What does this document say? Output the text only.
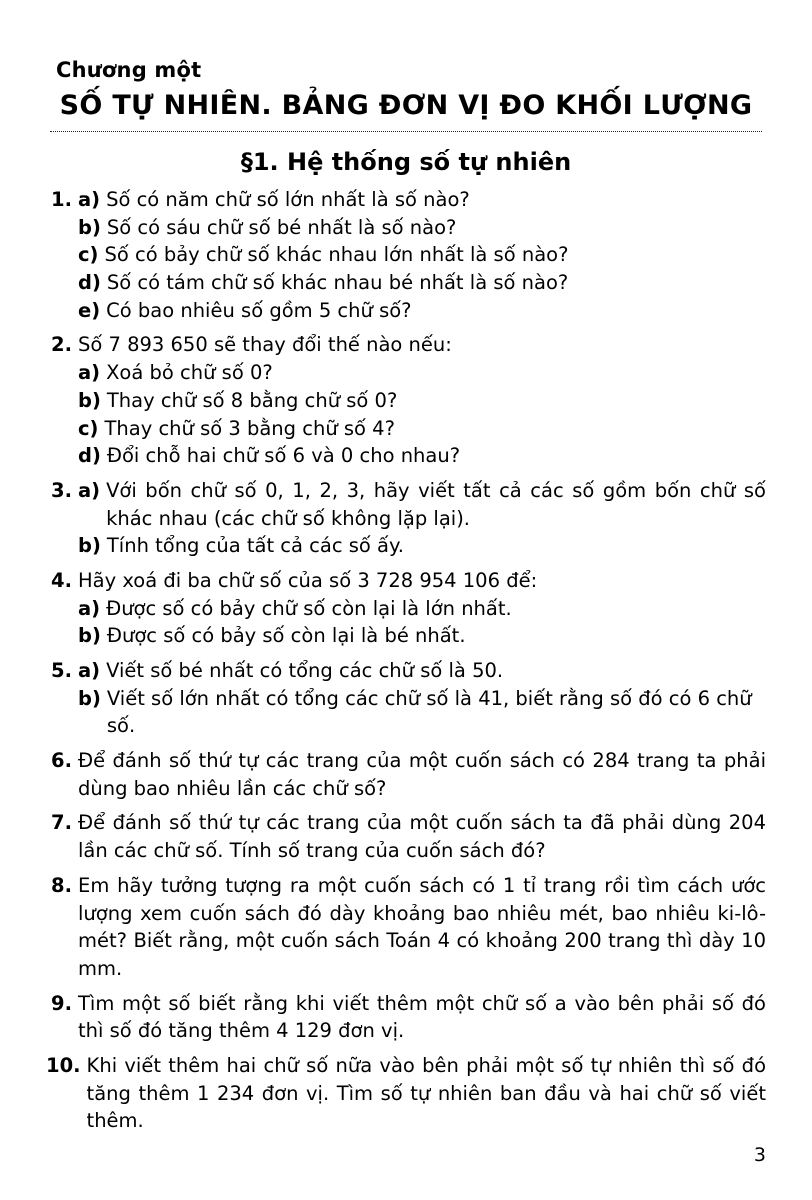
Chương một
SỐ TỰ NHIÊN. BẢNG ĐƠN VỊ ĐO KHỐI LƯỢNG
§1. Hệ thống số tự nhiên
1. a) Số có năm chữ số lớn nhất là số nào?
b) Số có sáu chữ số bé nhất là số nào?
c) Số có bảy chữ số khác nhau lớn nhất là số nào?
d) Số có tám chữ số khác nhau bé nhất là số nào?
e) Có bao nhiêu số gồm 5 chữ số?
2. Số 7 893 650 sẽ thay đổi thế nào nếu:
a) Xoá bỏ chữ số 0?
b) Thay chữ số 8 bằng chữ số 0?
c) Thay chữ số 3 bằng chữ số 4?
d) Đổi chỗ hai chữ số 6 và 0 cho nhau?
3. a) Với bốn chữ số 0, 1, 2, 3, hãy viết tất cả các số gồm bốn chữ số khác nhau (các chữ số không lặp lại).
b) Tính tổng của tất cả các số ấy.
4. Hãy xoá đi ba chữ số của số 3 728 954 106 để:
a) Được số có bảy chữ số còn lại là lớn nhất.
b) Được số có bảy số còn lại là bé nhất.
5. a) Viết số bé nhất có tổng các chữ số là 50.
b) Viết số lớn nhất có tổng các chữ số là 41, biết rằng số đó có 6 chữ số.
6. Để đánh số thứ tự các trang của một cuốn sách có 284 trang ta phải dùng bao nhiêu lần các chữ số?
7. Để đánh số thứ tự các trang của một cuốn sách ta đã phải dùng 204 lần các chữ số. Tính số trang của cuốn sách đó?
8. Em hãy tưởng tượng ra một cuốn sách có 1 tỉ trang rồi tìm cách ước lượng xem cuốn sách đó dày khoảng bao nhiêu mét, bao nhiêu ki-lô-mét? Biết rằng, một cuốn sách Toán 4 có khoảng 200 trang thì dày 10 mm.
9. Tìm một số biết rằng khi viết thêm một chữ số a vào bên phải số đó thì số đó tăng thêm 4 129 đơn vị.
10. Khi viết thêm hai chữ số nữa vào bên phải một số tự nhiên thì số đó tăng thêm 1 234 đơn vị. Tìm số tự nhiên ban đầu và hai chữ số viết thêm.
3
